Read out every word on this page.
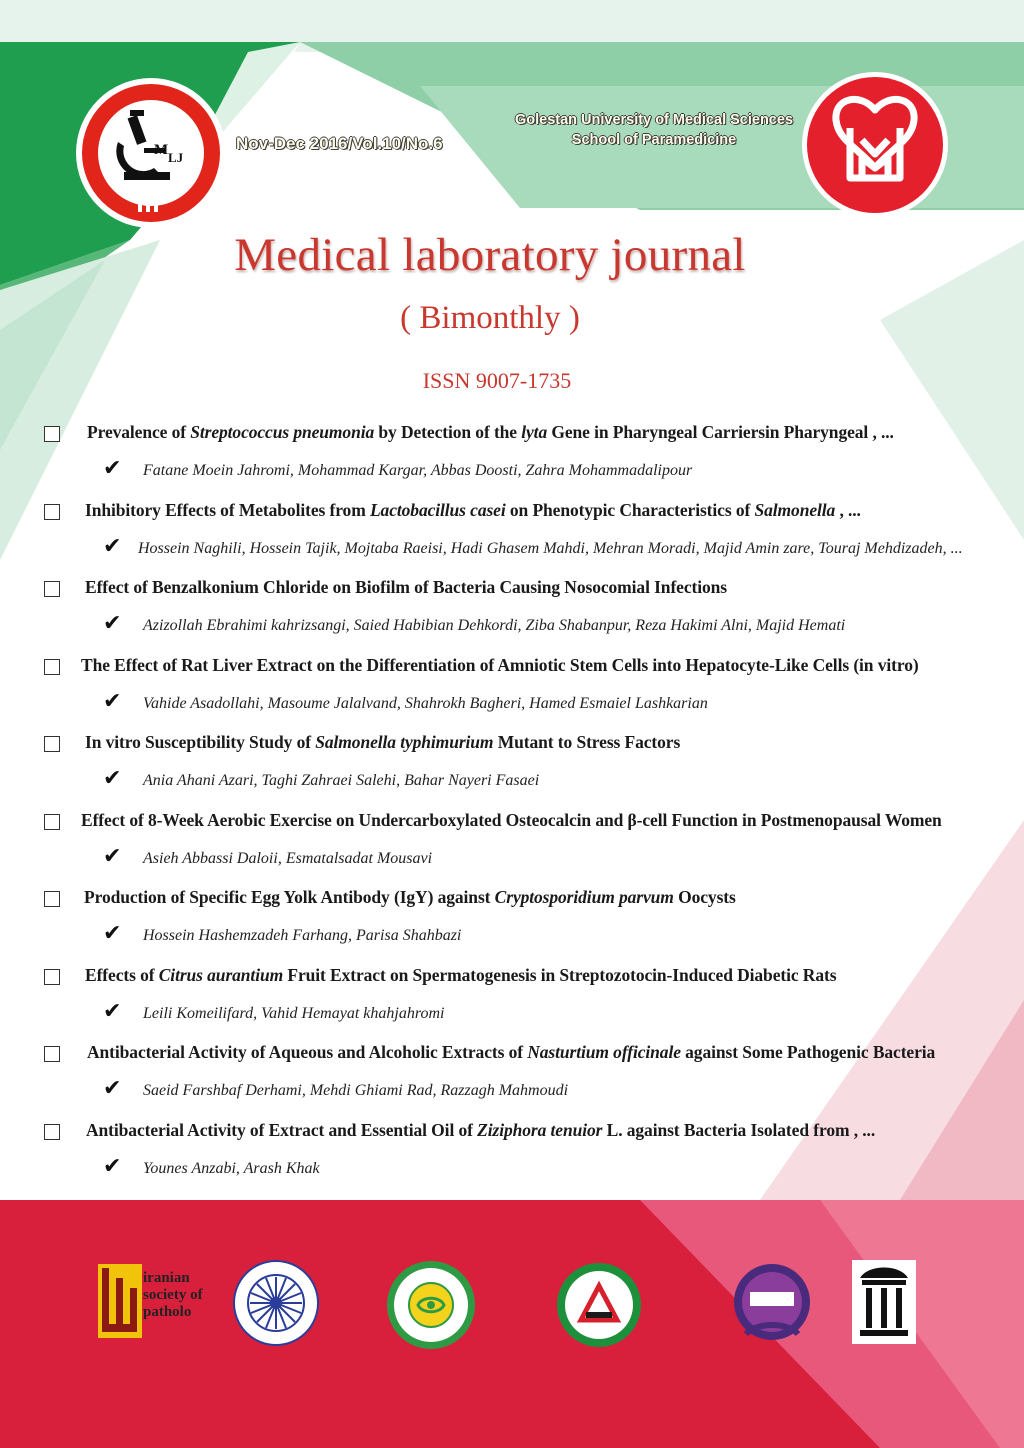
M LJ
Nov-Dec 2016/Vol.10/No.6
Golestan University of Medical Sciences
School of Paramedicine
Medical laboratory journal
( Bimonthly )
ISSN 9007-1735
Prevalence of Streptococcus pneumonia by Detection of the lyta Gene in Pharyngeal Carriersin Pharyngeal , ...
✔ Fatane Moein Jahromi, Mohammad Kargar, Abbas Doosti, Zahra Mohammadalipour
Inhibitory Effects of Metabolites from Lactobacillus casei on Phenotypic Characteristics of Salmonella , ...
✔ Hossein Naghili, Hossein Tajik, Mojtaba Raeisi, Hadi Ghasem Mahdi, Mehran Moradi, Majid Amin zare, Touraj Mehdizadeh, ...
Effect of Benzalkonium Chloride on Biofilm of Bacteria Causing Nosocomial Infections
✔ Azizollah Ebrahimi kahrizsangi, Saied Habibian Dehkordi, Ziba Shabanpur, Reza Hakimi Alni, Majid Hemati
The Effect of Rat Liver Extract on the Differentiation of Amniotic Stem Cells into Hepatocyte-Like Cells (in vitro)
✔ Vahide Asadollahi, Masoume Jalalvand, Shahrokh Bagheri, Hamed Esmaiel Lashkarian
In vitro Susceptibility Study of Salmonella typhimurium Mutant to Stress Factors
✔ Ania Ahani Azari, Taghi Zahraei Salehi, Bahar Nayeri Fasaei
Effect of 8-Week Aerobic Exercise on Undercarboxylated Osteocalcin and β-cell Function in Postmenopausal Women
✔ Asieh Abbassi Daloii, Esmatalsadat Mousavi
Production of Specific Egg Yolk Antibody (IgY) against Cryptosporidium parvum Oocysts
✔ Hossein Hashemzadeh Farhang, Parisa Shahbazi
Effects of Citrus aurantium Fruit Extract on Spermatogenesis in Streptozotocin-Induced Diabetic Rats
✔ Leili Komeilifard, Vahid Hemayat khahjahromi
Antibacterial Activity of Aqueous and Alcoholic Extracts of Nasturtium officinale against Some Pathogenic Bacteria
✔ Saeid Farshbaf Derhami, Mehdi Ghiami Rad, Razzagh Mahmoudi
Antibacterial Activity of Extract and Essential Oil of Ziziphora tenuior L. against Bacteria Isolated from , ...
✔ Younes Anzabi, Arash Khak
iranian society of patholo
ISACL
